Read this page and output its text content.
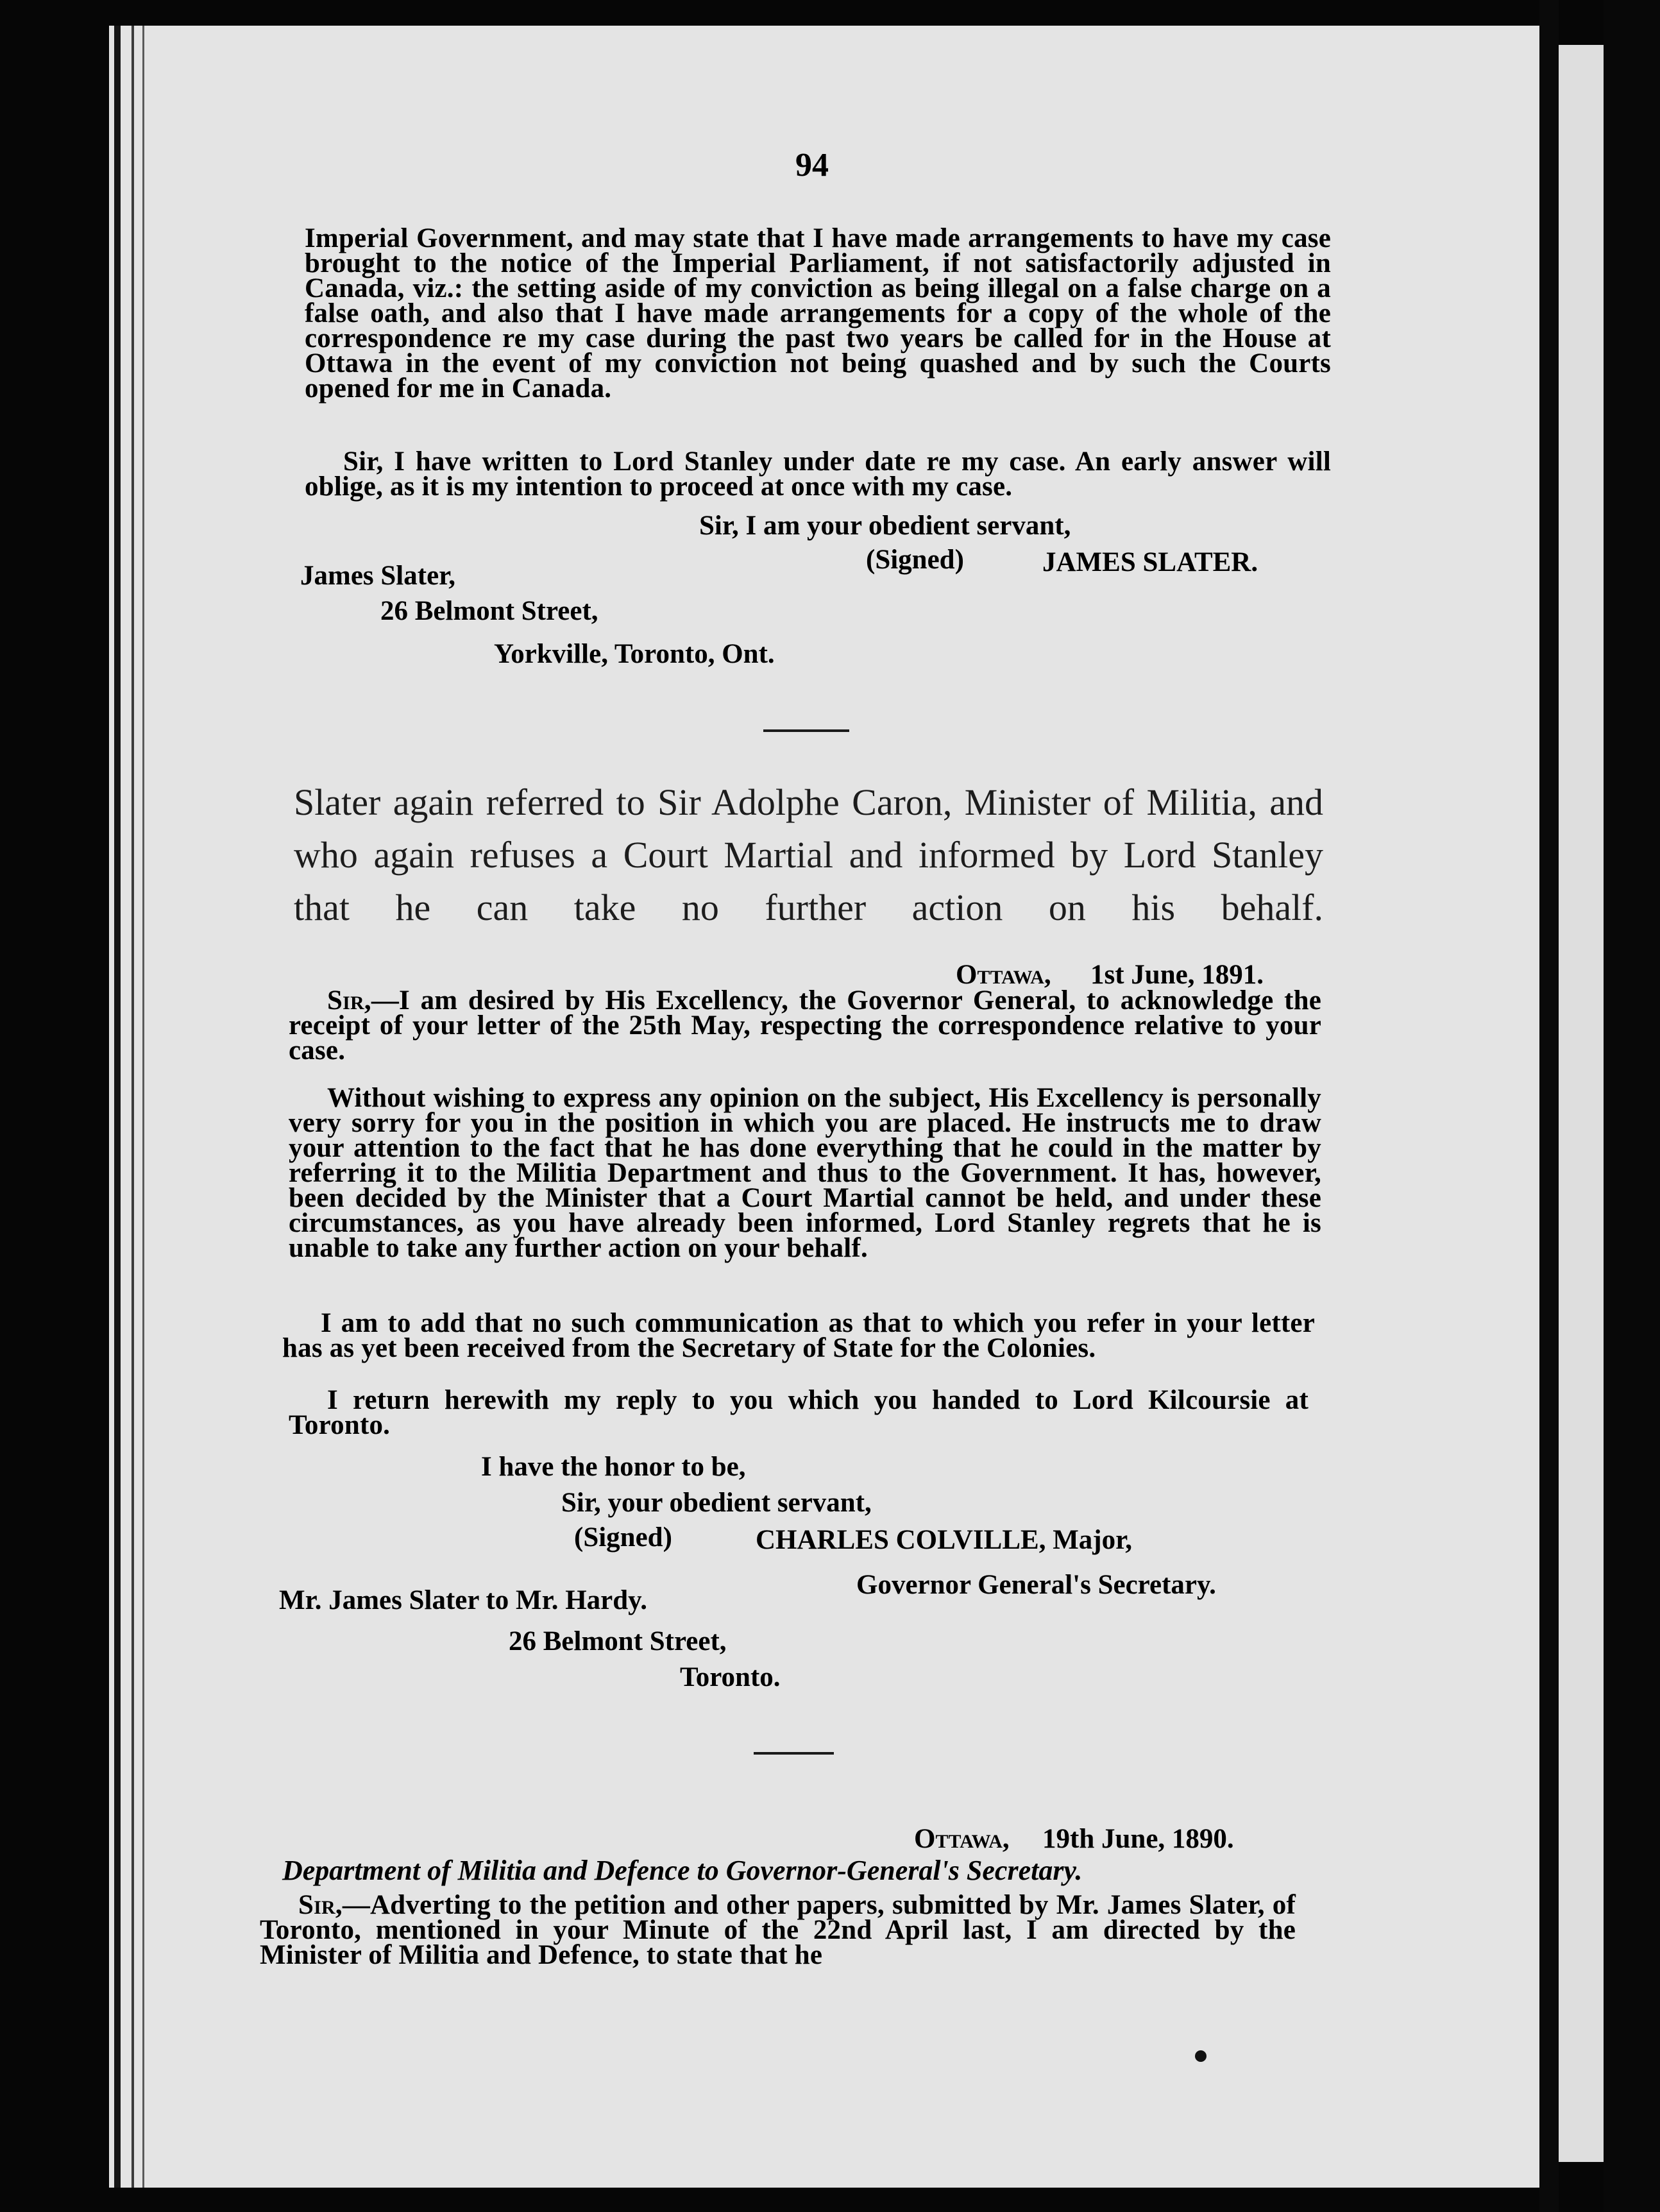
94

Imperial Government, and may state that I have made arrangements to have my case brought to the notice of the Imperial Parliament, if not satisfactorily adjusted in Canada, viz.: the setting aside of my conviction as being illegal on a false charge on a false oath, and also that I have made arrangements for a copy of the whole of the correspondence re my case during the past two years be called for in the House at Ottawa in the event of my conviction not being quashed and by such the Courts opened for me in Canada.

Sir, I have written to Lord Stanley under date re my case. An early answer will oblige, as it is my intention to proceed at once with my case.

Sir, I am your obedient servant,

(Signed)	JAMES SLATER.

James Slater,

26 Belmont Street,

Yorkville, Toronto, Ont.

Slater again referred to Sir Adolphe Caron, Minister of Militia, and who again refuses a Court Martial and informed by Lord Stanley that he can take no further action on his behalf.

Ottawa, 1st June, 1891.

Sir,—I am desired by His Excellency, the Governor General, to acknowledge the receipt of your letter of the 25th May, respecting the correspondence relative to your case.

Without wishing to express any opinion on the subject, His Excellency is personally very sorry for you in the position in which you are placed. He instructs me to draw your attention to the fact that he has done everything that he could in the matter by referring it to the Militia Department and thus to the Government. It has, however, been decided by the Minister that a Court Martial cannot be held, and under these circumstances, as you have already been informed, Lord Stanley regrets that he is unable to take any further action on your behalf.

I am to add that no such communication as that to which you refer in your letter has as yet been received from the Secretary of State for the Colonies.

I return herewith my reply to you which you handed to Lord Kilcoursie at Toronto.

I have the honor to be,

Sir, your obedient servant,

(Signed)	CHARLES COLVILLE, Major,

Governor General's Secretary.

Mr. James Slater to Mr. Hardy.

26 Belmont Street,

Toronto.

Ottawa, 19th June, 1890.

Department of Militia and Defence to Governor-General's Secretary.

Sir,—Adverting to the petition and other papers, submitted by Mr. James Slater, of Toronto, mentioned in your Minute of the 22nd April last, I am directed by the Minister of Militia and Defence, to state that he
